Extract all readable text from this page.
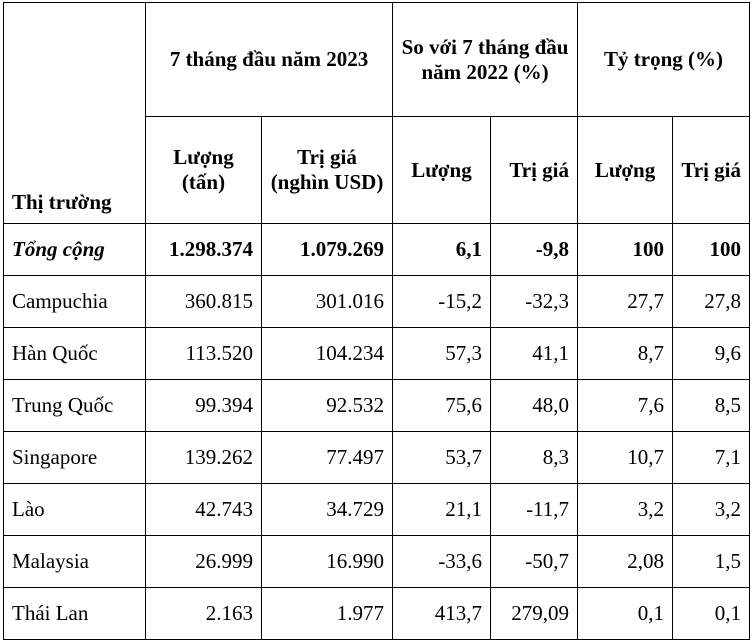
Thị trường	7 tháng đầu năm 2023		So với 7 tháng đầu năm 2022 (%)		Tỷ trọng (%)	
	Lượng (tấn)	Trị giá (nghìn USD)	Lượng	Trị giá	Lượng	Trị giá
Tổng cộng	1.298.374	1.079.269	6,1	-9,8	100	100
Campuchia	360.815	301.016	-15,2	-32,3	27,7	27,8
Hàn Quốc	113.520	104.234	57,3	41,1	8,7	9,6
Trung Quốc	99.394	92.532	75,6	48,0	7,6	8,5
Singapore	139.262	77.497	53,7	8,3	10,7	7,1
Lào	42.743	34.729	21,1	-11,7	3,2	3,2
Malaysia	26.999	16.990	-33,6	-50,7	2,08	1,5
Thái Lan	2.163	1.977	413,7	279,09	0,1	0,1
